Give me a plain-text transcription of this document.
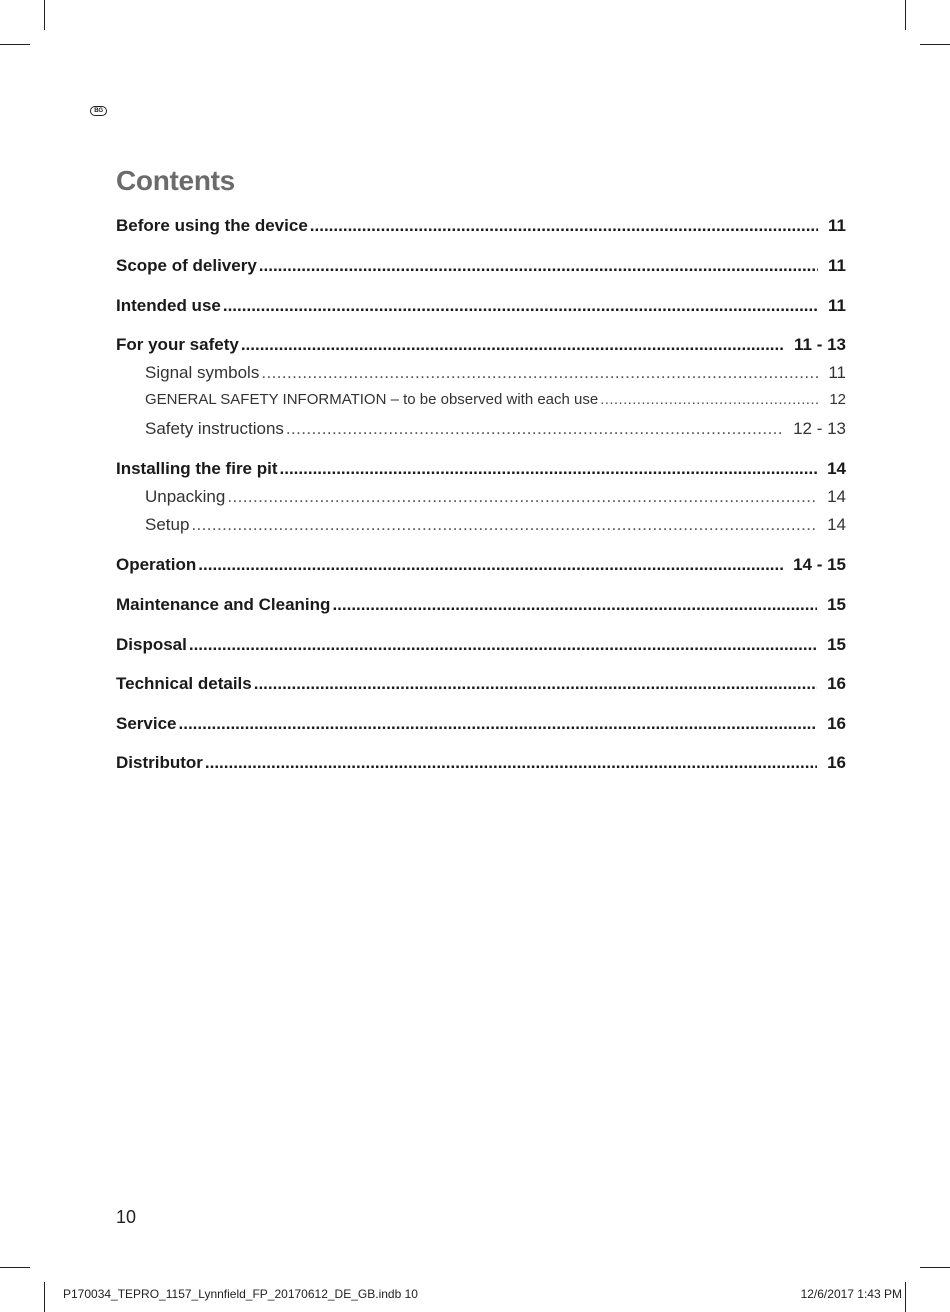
BG
Contents
Before using the device .....	11
Scope of delivery .....	11
Intended use .....	11
For your safety .....	11 - 13
Signal symbols .....	11
GENERAL SAFETY INFORMATION – to be observed with each use .....	12
Safety instructions .....	12 - 13
Installing the fire pit .....	14
Unpacking .....	14
Setup .....	14
Operation .....	14 - 15
Maintenance and Cleaning .....	15
Disposal .....	15
Technical details .....	16
Service .....	16
Distributor .....	16
10
P170034_TEPRO_1157_Lynnfield_FP_20170612_DE_GB.indb 10	12/6/2017 1:43 PM
